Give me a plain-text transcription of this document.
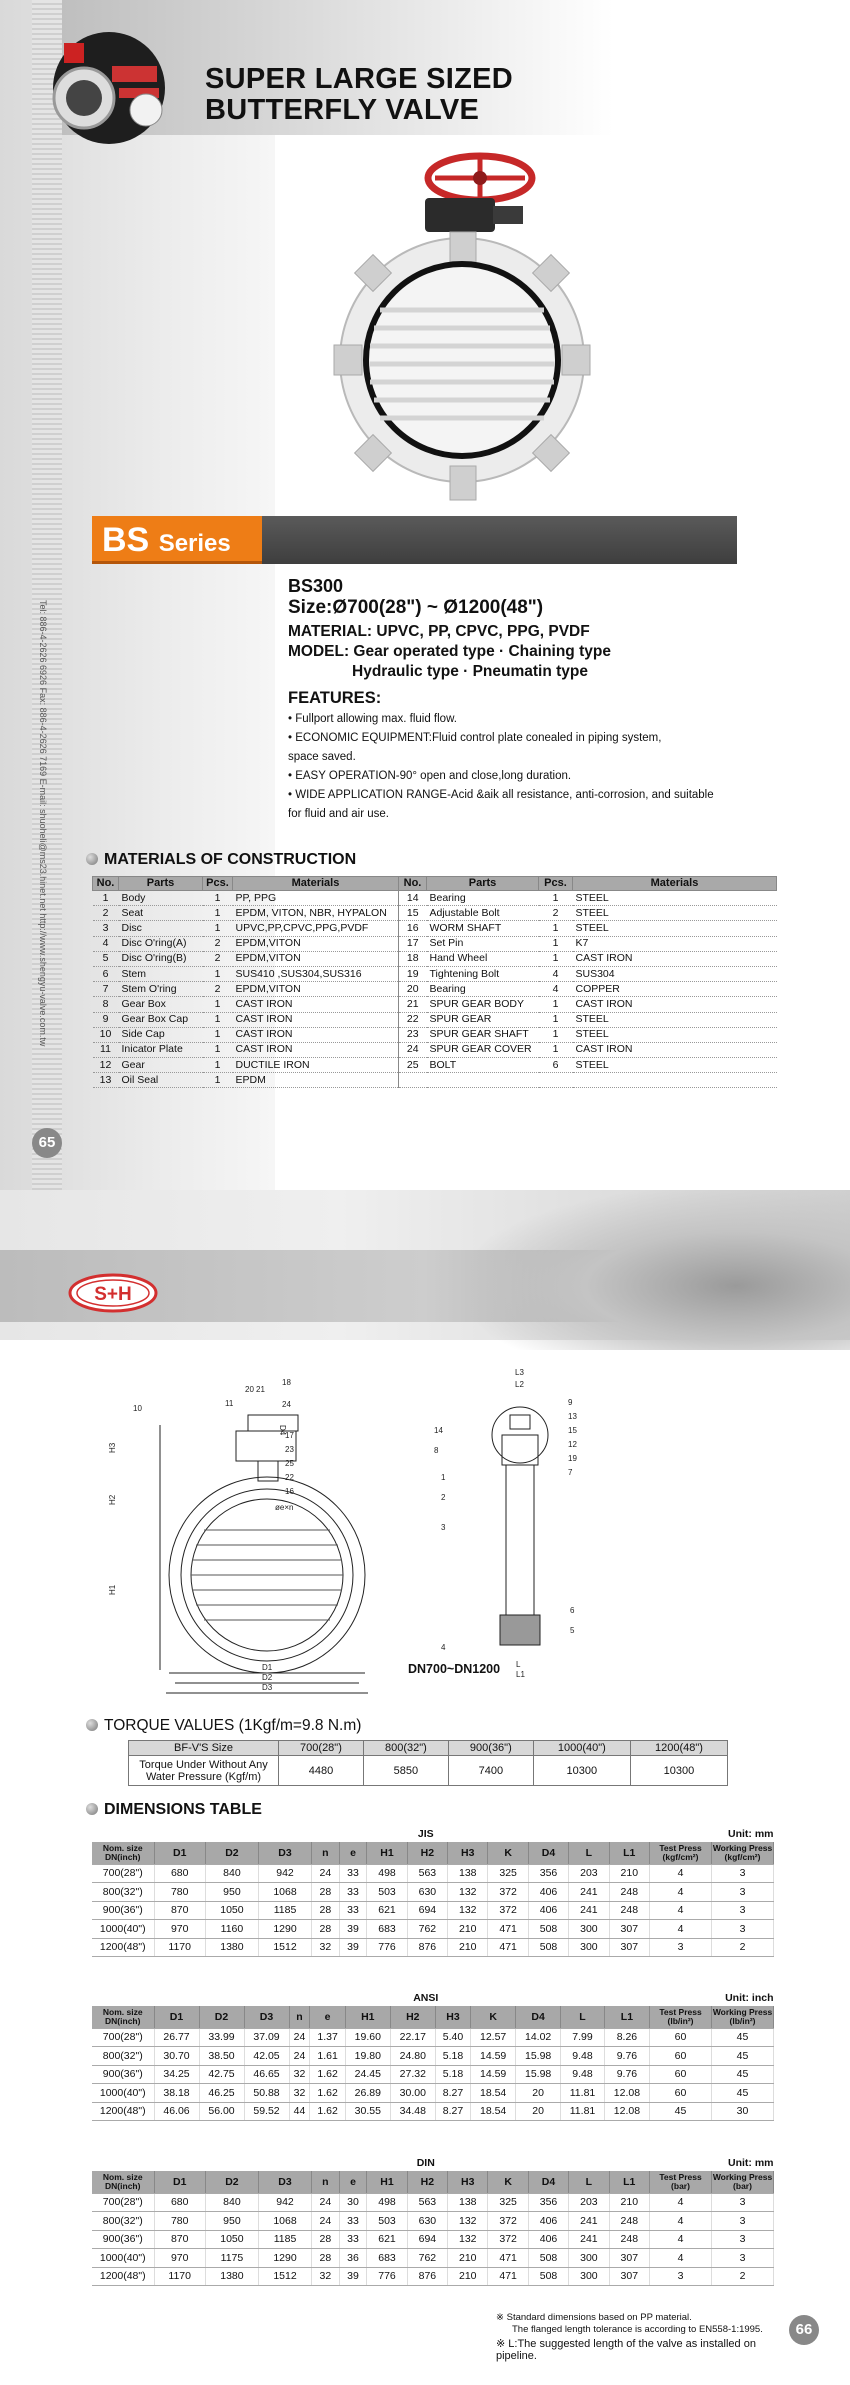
SUPER LARGE SIZED
BUTTERFLY VALVE
BS Series
BS300
Size:Ø700(28") ~ Ø1200(48")
MATERIAL: UPVC, PP, CPVC, PPG, PVDF
MODEL: Gear operated type · Chaining type
Hydraulic type · Pneumatin type
FEATURES:
• Fullport allowing max. fluid flow.
• ECONOMIC EQUIPMENT:Fluid control plate conealed in piping system, space saved.
• EASY OPERATION-90° open and close,long duration.
• WIDE APPLICATION RANGE-Acid &aik all resistance, anti-corrosion, and suitable for fluid and air use.
Tel: 886-4-2626 6926 Fax: 886-4-2626 7169 E-mail: shuoheli@ms23.hinet.net http://www.shengyu-valve.com.tw
65
MATERIALS OF CONSTRUCTION
No.	Parts	Pcs.	Materials	No.	Parts	Pcs.	Materials
1	Body	1	PP, PPG	14	Bearing	1	STEEL
2	Seat	1	EPDM, VITON, NBR, HYPALON	15	Adjustable Bolt	2	STEEL
3	Disc	1	UPVC,PP,CPVC,PPG,PVDF	16	WORM SHAFT	1	STEEL
4	Disc O'ring(A)	2	EPDM,VITON	17	Set Pin	1	K7
5	Disc O'ring(B)	2	EPDM,VITON	18	Hand Wheel	1	CAST IRON
6	Stem	1	SUS410 ,SUS304,SUS316	19	Tightening Bolt	4	SUS304
7	Stem O'ring	2	EPDM,VITON	20	Bearing	4	COPPER
8	Gear Box	1	CAST IRON	21	SPUR GEAR BODY	1	CAST IRON
9	Gear Box Cap	1	CAST IRON	22	SPUR GEAR	1	STEEL
10	Side Cap	1	CAST IRON	23	SPUR GEAR SHAFT	1	STEEL
11	Inicator Plate	1	CAST IRON	24	SPUR GEAR COVER	1	CAST IRON
12	Gear	1	DUCTILE IRON	25	BOLT	6	STEEL
13	Oil Seal	1	EPDM				
S+H
18
20 21
11
10	24
D4
17
23
25
22
16
øe×n
H3
H2
H1
D1
D2
D3
L3
L2
9
13
15
12
19
7
14
8
1
2
3
6
5
4
L
L1
DN700~DN1200
TORQUE VALUES (1Kgf/m=9.8 N.m)
BF-V'S Size	700(28")	800(32")	900(36")	1000(40")	1200(48")
Torque Under Without Any
Water Pressure (Kgf/m)	4480	5850	7400	10300	10300
DIMENSIONS TABLE
JIS													Unit: mm	
Nom. size DN(inch)	D1	D2	D3	n	e	H1	H2	H3	K	D4	L	L1	Test Press (kgf/cm²)	Working Press (kgf/cm²)
700(28")	680	840	942	24	33	498	563	138	325	356	203	210	4	3
800(32")	780	950	1068	28	33	503	630	132	372	406	241	248	4	3
900(36")	870	1050	1185	28	33	621	694	132	372	406	241	248	4	3
1000(40")	970	1160	1290	28	39	683	762	210	471	508	300	307	4	3
1200(48")	1170	1380	1512	32	39	776	876	210	471	508	300	307	3	2
ANSI													Unit: inch	
Nom. size DN(inch)	D1	D2	D3	n	e	H1	H2	H3	K	D4	L	L1	Test Press (lb/in²)	Working Press (lb/in²)
700(28")	26.77	33.99	37.09	24	1.37	19.60	22.17	5.40	12.57	14.02	7.99	8.26	60	45
800(32")	30.70	38.50	42.05	24	1.61	19.80	24.80	5.18	14.59	15.98	9.48	9.76	60	45
900(36")	34.25	42.75	46.65	32	1.62	24.45	27.32	5.18	14.59	15.98	9.48	9.76	60	45
1000(40")	38.18	46.25	50.88	32	1.62	26.89	30.00	8.27	18.54	20	11.81	12.08	60	45
1200(48")	46.06	56.00	59.52	44	1.62	30.55	34.48	8.27	18.54	20	11.81	12.08	45	30
DIN													Unit: mm	
Nom. size DN(inch)	D1	D2	D3	n	e	H1	H2	H3	K	D4	L	L1	Test Press (bar)	Working Press (bar)
700(28")	680	840	942	24	30	498	563	138	325	356	203	210	4	3
800(32")	780	950	1068	24	33	503	630	132	372	406	241	248	4	3
900(36")	870	1050	1185	28	33	621	694	132	372	406	241	248	4	3
1000(40")	970	1175	1290	28	36	683	762	210	471	508	300	307	4	3
1200(48")	1170	1380	1512	32	39	776	876	210	471	508	300	307	3	2
※ Standard dimensions based on PP material.
The flanged length tolerance is according to EN558-1:1995.
※ L:The suggested length of the valve as installed on pipeline.
66
